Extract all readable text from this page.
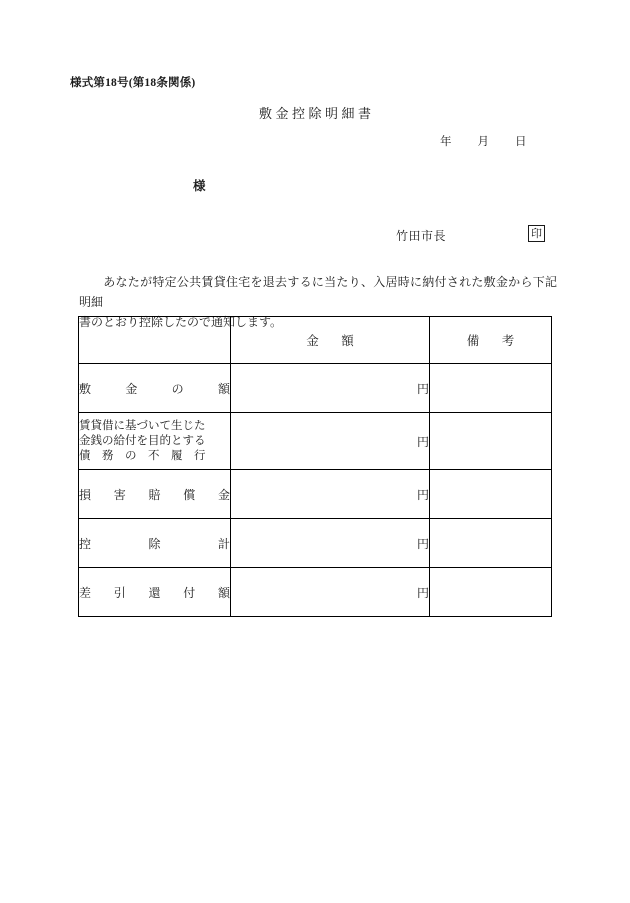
様式第18号(第18条関係)
敷金控除明細書
年 月 日
様
竹田市長	印
あなたが特定公共賃貸住宅を退去するに当たり、入居時に納付された敷金から下記明細
書のとおり控除したので通知します。
	金　額	備　考

敷 金 の 額	円	

賃貸借に基づいて生じた
金銭の給付を目的とする
債　務　の　不　履　行	円	

損 害 賠 償 金	円	

控 除 計	円	

差 引 還 付 額	円	
